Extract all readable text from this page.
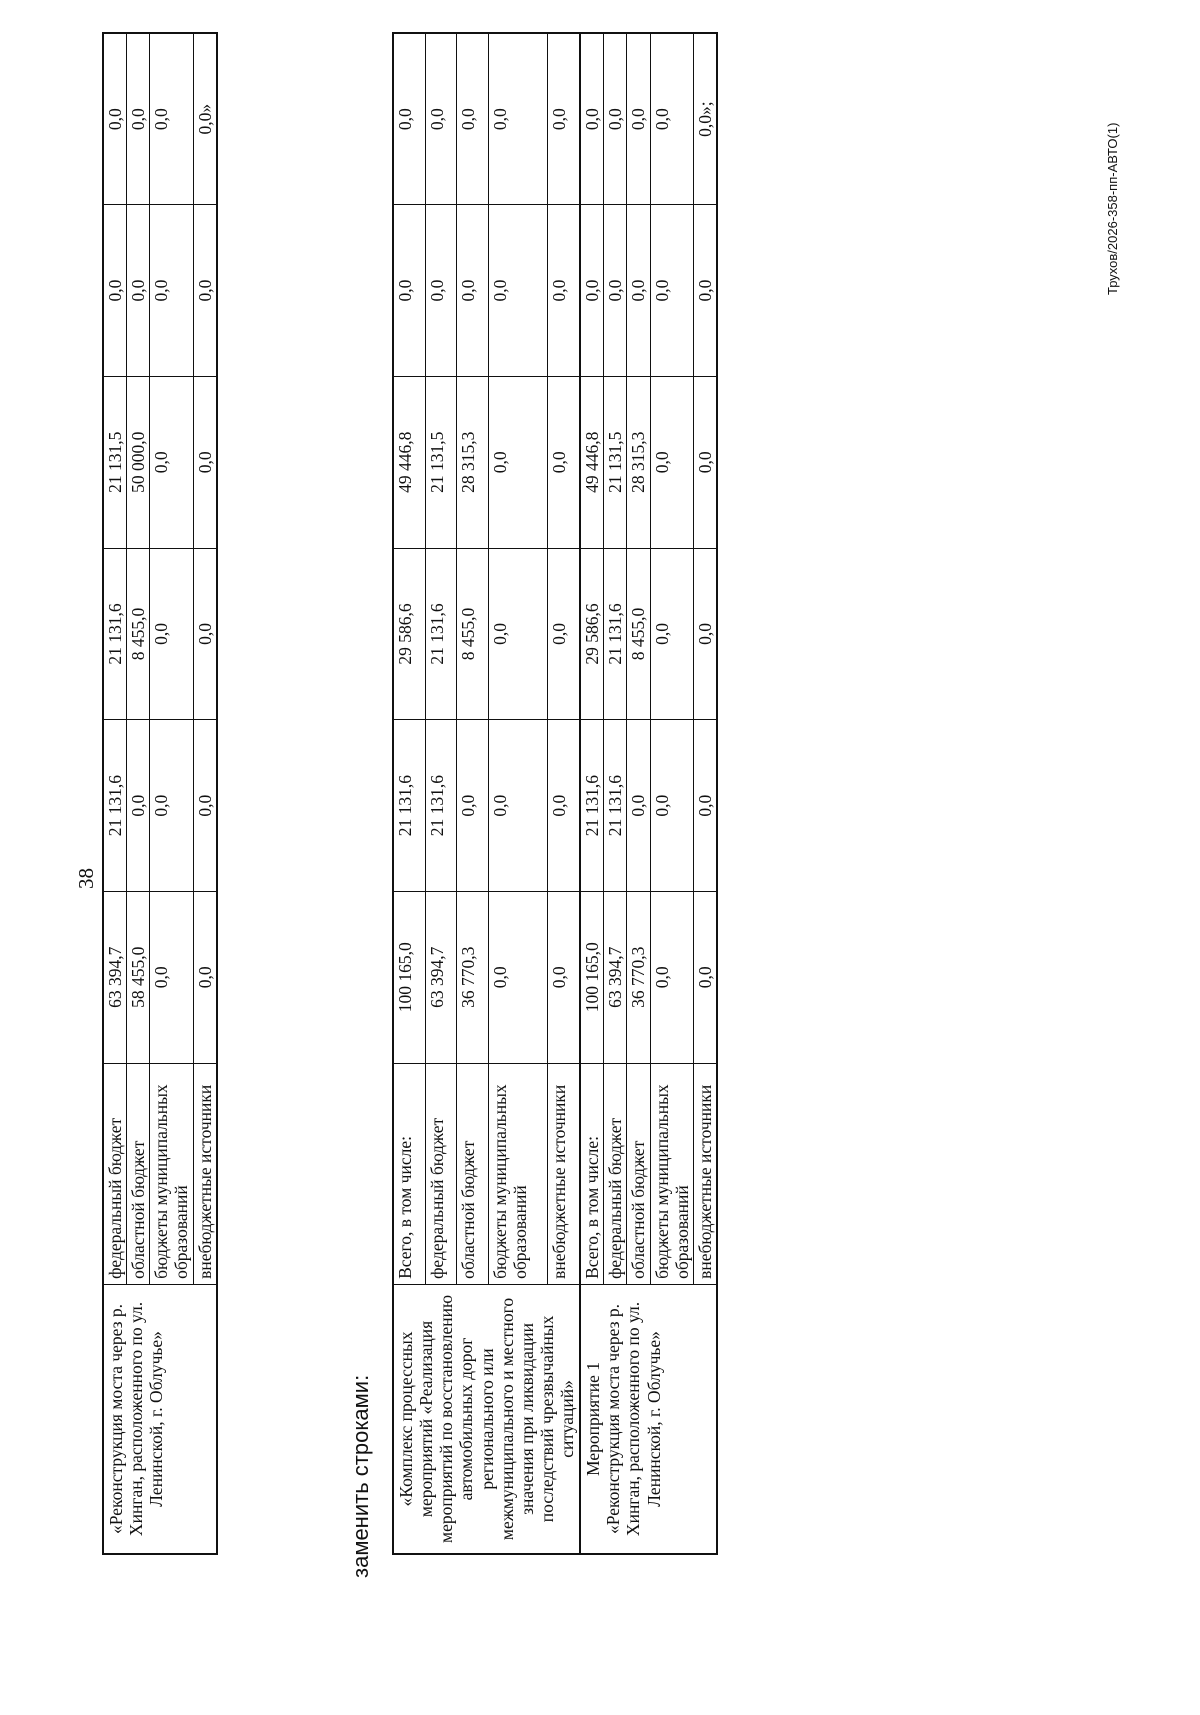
38
«Реконструкция моста через р. Хинган, расположенного по ул. Ленинской, г. Облучье»	федеральный бюджет	63 394,7	21 131,6	21 131,6	21 131,5	0,0	0,0
	областной бюджет	58 455,0	0,0	8 455,0	50 000,0	0,0	0,0
	бюджеты муниципальных образований	0,0	0,0	0,0	0,0	0,0	0,0
	внебюджетные источники	0,0	0,0	0,0	0,0	0,0	0,0»
заменить строками: «Комплекс процессных мероприятий «Реализация мероприятий по восстановлению автомобильных дорог регионального или межмуниципального и местного значения при ликвидации последствий чрезвычайных ситуаций»	Всего, в том числе:	100 165,0	21 131,6	29 586,6	49 446,8	0,0	0,0
	федеральный бюджет	63 394,7	21 131,6	21 131,6	21 131,5	0,0	0,0
	областной бюджет	36 770,3	0,0	8 455,0	28 315,3	0,0	0,0
	бюджеты муниципальных образований	0,0	0,0	0,0	0,0	0,0	0,0
	внебюджетные источники	0,0	0,0	0,0	0,0	0,0	0,0

Мероприятие 1 «Реконструкция моста через р. Хинган, расположенного по ул. Ленинской, г. Облучье»	Всего, в том числе:	100 165,0	21 131,6	29 586,6	49 446,8	0,0	0,0
	федеральный бюджет	63 394,7	21 131,6	21 131,6	21 131,5	0,0	0,0
	областной бюджет	36 770,3	0,0	8 455,0	28 315,3	0,0	0,0
	бюджеты муниципальных образований	0,0	0,0	0,0	0,0	0,0	0,0
	внебюджетные источники	0,0	0,0	0,0	0,0	0,0	0,0»;
Трухов/2026-358-пп-АВТО(1)
